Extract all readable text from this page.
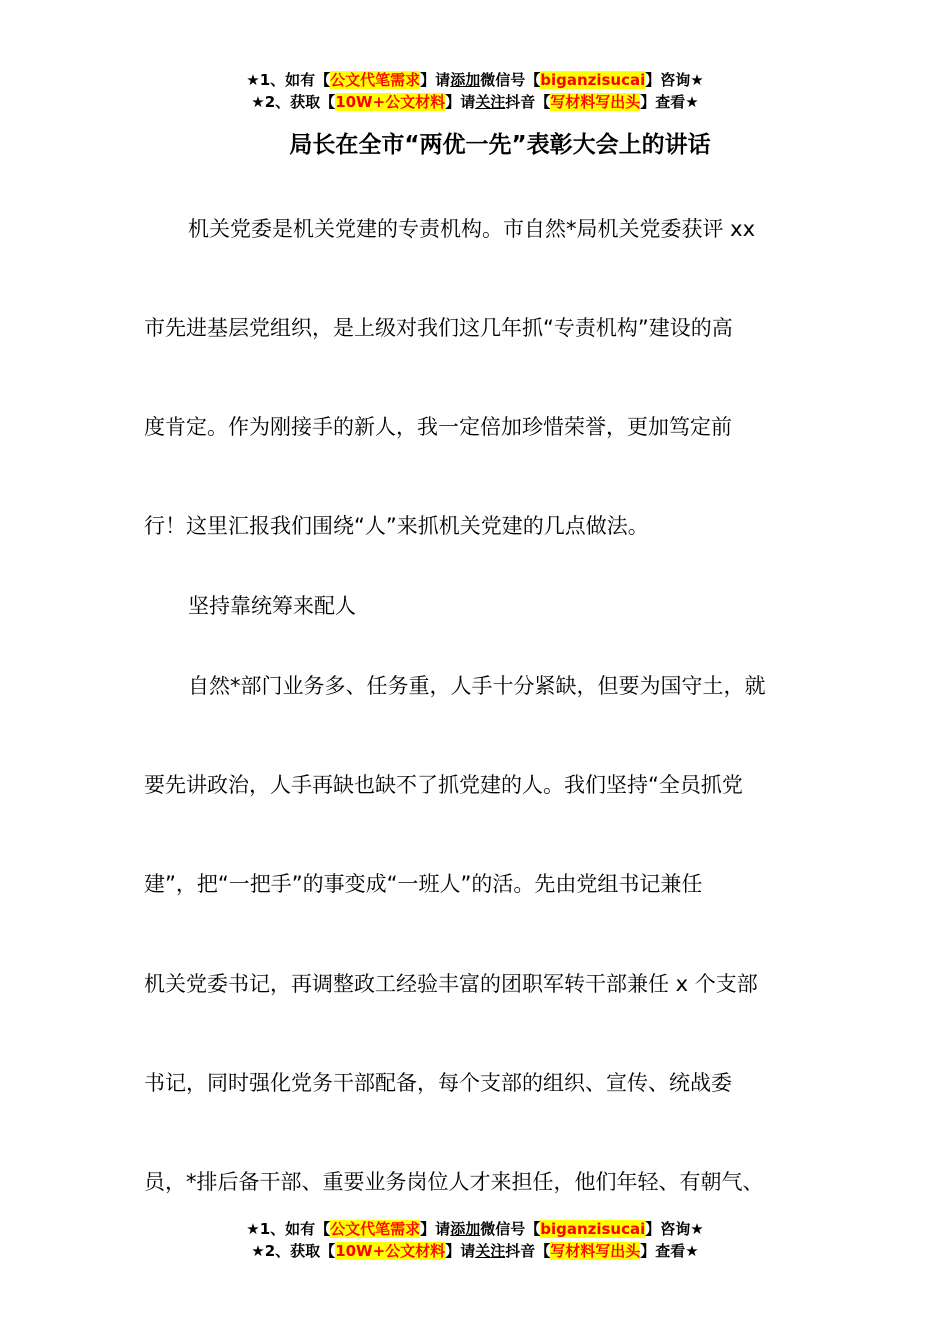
★1、如有【公文代笔需求】请添加微信号【biganzisucai】咨询★
★2、获取【10W+公文材料】请关注抖音【写材料写出头】查看★
局长在全市“两优一先”表彰大会上的讲话
机关党委是机关党建的专责机构。市自然*局机关党委获评 xx
市先进基层党组织，是上级对我们这几年抓“专责机构”建设的高
度肯定。作为刚接手的新人，我一定倍加珍惜荣誉，更加笃定前
行！这里汇报我们围绕“人”来抓机关党建的几点做法。
坚持靠统筹来配人
自然*部门业务多、任务重，人手十分紧缺，但要为国守土，就
要先讲政治，人手再缺也缺不了抓党建的人。我们坚持“全员抓党
建”，把“一把手”的事变成“一班人”的活。先由党组书记兼任
机关党委书记，再调整政工经验丰富的团职军转干部兼任 x 个支部
书记，同时强化党务干部配备，每个支部的组织、宣传、统战委
员，*排后备干部、重要业务岗位人才来担任，他们年轻、有朝气、
★1、如有【公文代笔需求】请添加微信号【biganzisucai】咨询★
★2、获取【10W+公文材料】请关注抖音【写材料写出头】查看★
